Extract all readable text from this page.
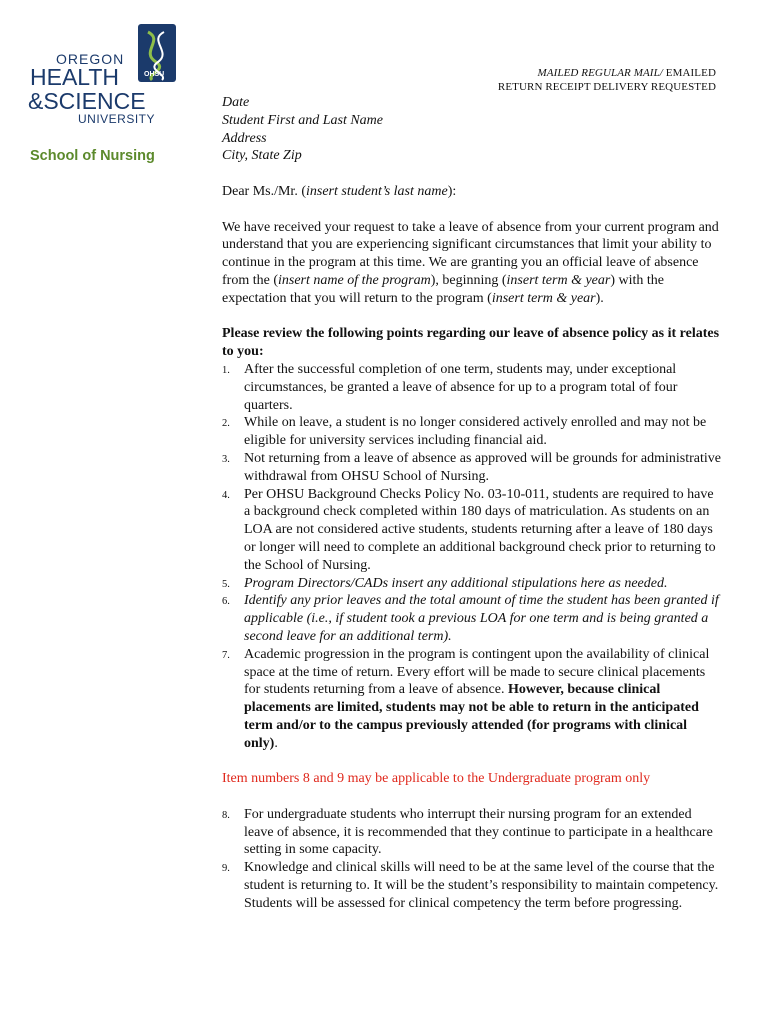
OREGON
HEALTH
&SCIENCE
UNIVERSITY
OHSU
School of Nursing
MAILED REGULAR MAIL/ EMAILED
RETURN RECEIPT DELIVERY REQUESTED
Date
Student First and Last Name
Address
City, State Zip

Dear Ms./Mr. (insert student’s last name):

We have received your request to take a leave of absence from your current program and understand that you are experiencing significant circumstances that limit your ability to continue in the program at this time. We are granting you an official leave of absence from the (insert name of the program), beginning (insert term & year) with the expectation that you will return to the program (insert term & year).

Please review the following points regarding our leave of absence policy as it relates to you:

1. After the successful completion of one term, students may, under exceptional circumstances, be granted a leave of absence for up to a program total of four quarters.
2. While on leave, a student is no longer considered actively enrolled and may not be eligible for university services including financial aid.
3. Not returning from a leave of absence as approved will be grounds for administrative withdrawal from OHSU School of Nursing.
4. Per OHSU Background Checks Policy No. 03-10-011, students are required to have a background check completed within 180 days of matriculation. As students on an LOA are not considered active students, students returning after a leave of 180 days or longer will need to complete an additional background check prior to returning to the School of Nursing.
5. Program Directors/CADs insert any additional stipulations here as needed.
6. Identify any prior leaves and the total amount of time the student has been granted if applicable (i.e., if student took a previous LOA for one term and is being granted a second leave for an additional term).
7. Academic progression in the program is contingent upon the availability of clinical space at the time of return. Every effort will be made to secure clinical placements for students returning from a leave of absence. However, because clinical placements are limited, students may not be able to return in the anticipated term and/or to the campus previously attended (for programs with clinical only).

Item numbers 8 and 9 may be applicable to the Undergraduate program only

8. For undergraduate students who interrupt their nursing program for an extended leave of absence, it is recommended that they continue to participate in a healthcare setting in some capacity.
9. Knowledge and clinical skills will need to be at the same level of the course that the student is returning to. It will be the student’s responsibility to maintain competency. Students will be assessed for clinical competency the term before progressing.
